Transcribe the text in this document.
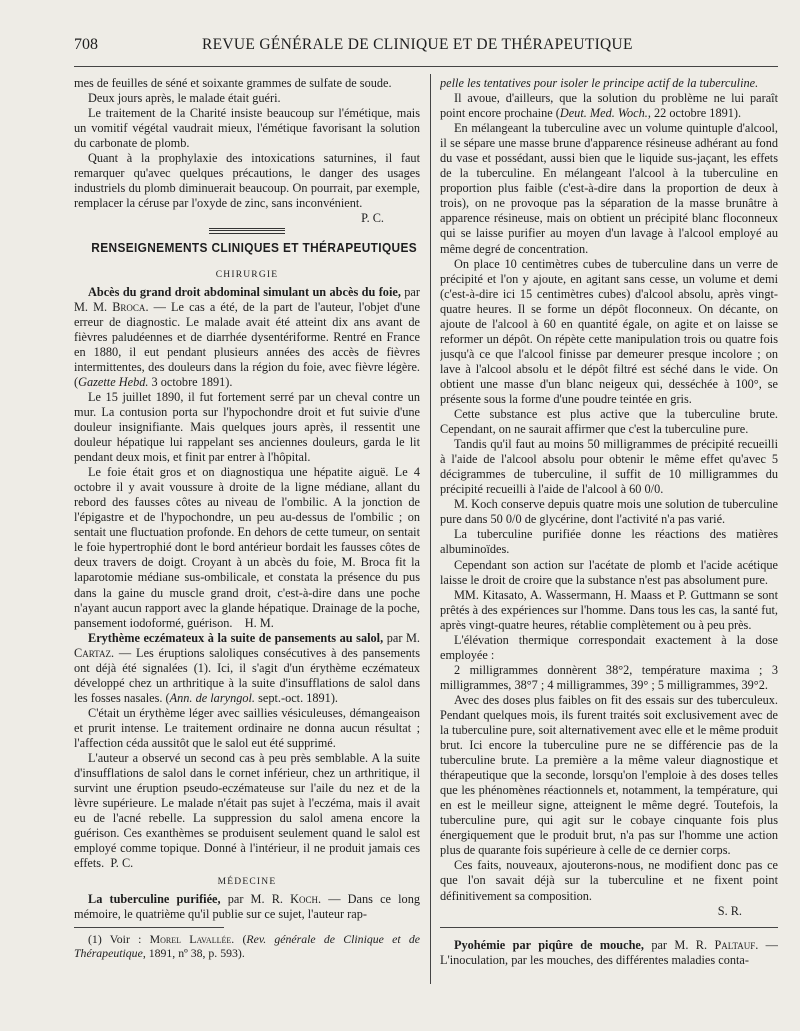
708	REVUE GÉNÉRALE DE CLINIQUE ET DE THÉRAPEUTIQUE

mes de feuilles de séné et soixante grammes de sulfate de soude.

Deux jours après, le malade était guéri.

Le traitement de la Charité insiste beaucoup sur l'émétique, mais un vomitif végétal vaudrait mieux, l'émétique favorisant la solution du carbonate de plomb.

Quant à la prophylaxie des intoxications saturnines, il faut remarquer qu'avec quelques précautions, le danger des usages industriels du plomb diminuerait beaucoup. On pourrait, par exemple, remplacer la céruse par l'oxyde de zinc, sans inconvénient.

P. C.

RENSEIGNEMENTS CLINIQUES ET THÉRAPEUTIQUES
CHIRURGIE

Abcès du grand droit abdominal simulant un abcès du foie, par M. M. Broca. — Le cas a été, de la part de l'auteur, l'objet d'une erreur de diagnostic. Le malade avait été atteint dix ans avant de fièvres paludéennes et de diarrhée dysentériforme. Rentré en France en 1880, il eut pendant plusieurs années des accès de fièvres intermittentes, des douleurs dans la région du foie, avec fièvre légère. (Gazette Hebd. 3 octobre 1891).

Le 15 juillet 1890, il fut fortement serré par un cheval contre un mur. La contusion porta sur l'hypochondre droit et fut suivie d'une douleur insignifiante. Mais quelques jours après, il ressentit une douleur hépatique lui rappelant ses anciennes douleurs, garda le lit pendant deux mois, et finit par entrer à l'hôpital.

Le foie était gros et on diagnostiqua une hépatite aiguë. Le 4 octobre il y avait voussure à droite de la ligne médiane, allant du rebord des fausses côtes au niveau de l'ombilic. A la jonction de l'épigastre et de l'hypochondre, un peu au-dessus de l'ombilic ; on sentait une fluctuation profonde. En dehors de cette tumeur, on sentait le foie hypertrophié dont le bord antérieur bordait les fausses côtes de deux travers de doigt. Croyant à un abcès du foie, M. Broca fit la laparotomie médiane sus-ombilicale, et constata la présence du pus dans la gaine du muscle grand droit, c'est-à-dire dans une poche n'ayant aucun rapport avec la glande hépatique. Drainage de la poche, pansement iodoformé, guérison. H. M.

Erythème eczémateux à la suite de pansements au salol, par M. Cartaz. — Les éruptions saloliques consécutives à des pansements ont déjà été signalées (1). Ici, il s'agit d'un érythème eczémateux développé chez un arthritique à la suite d'insufflations de salol dans les fosses nasales. (Ann. de laryngol. sept.-oct. 1891).

C'était un érythème léger avec saillies vésiculeuses, démangeaison et prurit intense. Le traitement ordinaire ne donna aucun résultat ; l'affection céda aussitôt que le salol eut été supprimé.

L'auteur a observé un second cas à peu près semblable. A la suite d'insufflations de salol dans le cornet inférieur, chez un arthritique, il survint une éruption pseudo-eczémateuse sur l'aile du nez et de la lèvre supérieure. Le malade n'était pas sujet à l'eczéma, mais il avait eu de l'acné rebelle. La suppression du salol amena encore la guérison. Ces exanthèmes se produisent seulement quand le salol est employé comme topique. Donné à l'intérieur, il ne produit jamais ces effets. P. C.

MÉDECINE

La tuberculine purifiée, par M. R. Koch. — Dans ce long mémoire, le quatrième qu'il publie sur ce sujet, l'auteur rap-

(1) Voir : Morel Lavallée. (Rev. générale de Clinique et de Thérapeutique, 1891, nº 38, p. 593).

pelle les tentatives pour isoler le principe actif de la tuberculine.

Il avoue, d'ailleurs, que la solution du problème ne lui paraît point encore prochaine (Deut. Med. Woch., 22 octobre 1891).

En mélangeant la tuberculine avec un volume quintuple d'alcool, il se sépare une masse brune d'apparence résineuse adhérant au fond du vase et possédant, aussi bien que le liquide sus-jaçant, les effets de la tuberculine. En mélangeant l'alcool à la tuberculine en proportion plus faible (c'est-à-dire dans la proportion de deux à trois), on ne provoque pas la séparation de la masse brunâtre à apparence résineuse, mais on obtient un précipité blanc floconneux qui se laisse purifier au moyen d'un lavage à l'alcool employé au même degré de concentration.

On place 10 centimètres cubes de tuberculine dans un verre de précipité et l'on y ajoute, en agitant sans cesse, un volume et demi (c'est-à-dire ici 15 centimètres cubes) d'alcool absolu, après vingt-quatre heures. Il se forme un dépôt floconneux. On décante, on ajoute de l'alcool à 60 en quantité égale, on agite et on laisse se reformer un dépôt. On répète cette manipulation trois ou quatre fois jusqu'à ce que l'alcool finisse par demeurer presque incolore ; on lave à l'alcool absolu et le dépôt filtré est séché dans le vide. On obtient une masse d'un blanc neigeux qui, desséchée à 100°, se présente sous la forme d'une poudre teintée en gris.

Cette substance est plus active que la tuberculine brute. Cependant, on ne saurait affirmer que c'est la tuberculine pure.

Tandis qu'il faut au moins 50 milligrammes de précipité recueilli à l'aide de l'alcool absolu pour obtenir le même effet qu'avec 5 décigrammes de tuberculine, il suffit de 10 milligrammes du précipité recueilli à l'aide de l'alcool à 60 0/0.

M. Koch conserve depuis quatre mois une solution de tuberculine pure dans 50 0/0 de glycérine, dont l'activité n'a pas varié.

La tuberculine purifiée donne les réactions des matières albuminoïdes.

Cependant son action sur l'acétate de plomb et l'acide acétique laisse le droit de croire que la substance n'est pas absolument pure.

MM. Kitasato, A. Wassermann, H. Maass et P. Guttmann se sont prêtés à des expériences sur l'homme. Dans tous les cas, la santé fut, après vingt-quatre heures, rétablie complètement ou à peu près.

L'élévation thermique correspondait exactement à la dose employée :

2 milligrammes donnèrent 38°2, température maxima ; 3 milligrammes, 38°7 ; 4 milligrammes, 39° ; 5 milligrammes, 39°2.

Avec des doses plus faibles on fit des essais sur des tuberculeux. Pendant quelques mois, ils furent traités soit exclusivement avec de la tuberculine pure, soit alternativement avec elle et le même produit brut. Ici encore la tuberculine pure ne se différencie pas de la tuberculine brute. La première a la même valeur diagnostique et thérapeutique que la seconde, lorsqu'on l'emploie à des doses telles que les phénomènes réactionnels et, notamment, la température, qui en est le meilleur signe, atteignent le même degré. Toutefois, la tuberculine pure, qui agit sur le cobaye cinquante fois plus énergiquement que le produit brut, n'a pas sur l'homme une action plus de quarante fois supérieure à celle de ce dernier corps.

Ces faits, nouveaux, ajouterons-nous, ne modifient donc pas ce que l'on savait déjà sur la tuberculine et ne fixent point définitivement sa composition.

S. R.

Pyohémie par piqûre de mouche, par M. R. Paltauf. — L'inoculation, par les mouches, des différentes maladies conta-
